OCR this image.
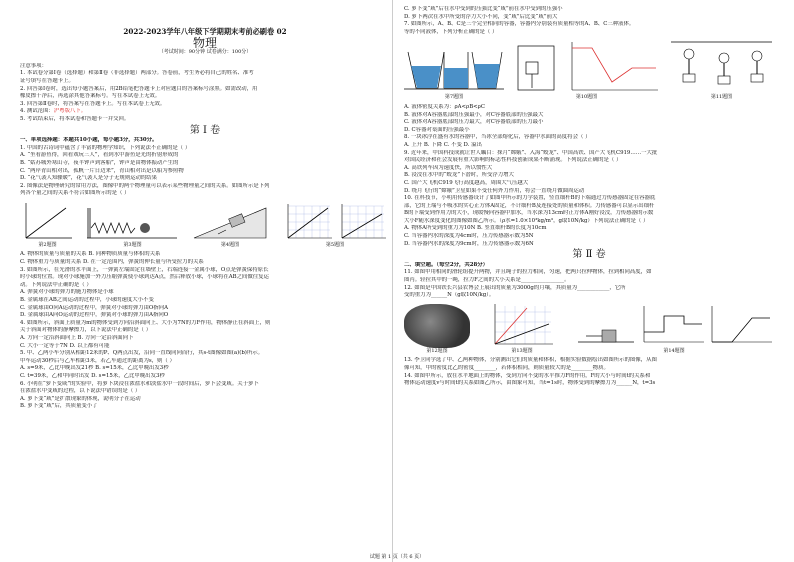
2022-2023学年八年级下学期期末考前必刷卷 02
物理
（考试时间：90分钟 试卷满分：100分）
注意事项：
1. 本试卷分第Ⅰ卷（选择题）和第Ⅱ卷（非选择题）两部分。答卷前，考生务必将自己的姓名、准考
证号填写在答题卡上。
2. 回答第Ⅰ卷时，选出每小题答案后，用2B铅笔把答题卡上对应题目的答案标号涂黑。如需改动，用
橡皮擦干净后，再选涂其他答案标号。写在本试卷上无效。
3. 回答第Ⅱ卷时，将答案写在答题卡上。写在本试卷上无效。
4. 测试范围：沪粤版八下。
5. 考试结束后，将本试卷和答题卡一并交回。
第 Ⅰ 卷
一、单项选择题：本题共10小题，每小题3分，共30分。
1. 中国的古诗词中蕴含了丰富的物理学知识，下列说法不正确的是（ ）
A. “坐看游鱼得，回看戏玩三人”，看到水中游鱼是光的折射形成的
B. “姑苏城外寒山寺，夜半钟声到客船”，钟声是由物体振动产生的
C. “两岸青山相对出，孤帆一片日边来”，青山相对出是以船为参照物
D. “花气袭人知骤暖”，花气袭人是分子无规则运动的结果
2. 图像法是物理研究的常用方法，图像中的两个物理量可以表示某些物理量之间的关系。如图所示是下列
列各个量之间的关系不符合如图所示的是（ ）
第2题图	第3题图	第4题图	第5题图
A. 物体的质量与质量的关系 B. 同种物质质量与体积的关系
C. 物体重力与质量的关系 D. 在一定范围内，弹簧的伸长量与所受拉力的关系
3. 如图所示，在光滑的水平面上，一弹簧左端固定在墙壁上，右端连接一金属小球，O点是弹簧保持原长
时小球的位置。现对小球施加一外力压缩弹簧使小球到达A点，然后释放小球，小球将在AB之间做往复运
动。下列说法中正确的是（ ）
A. 弹簧对小球的弹力的施力物体是小球
B. 金属球在AB之间运动的过程中，小球的速度大小不变
C. 金属球由O向A运动的过程中，弹簧对小球的弹力由O指向A
D. 金属球由A向O运动的过程中，弹簧对小球的弹力由A指向O
4. 如图所示，斜面上质量为m的物体受到方向沿斜面向上、大小为7N的力F作用，物体静止在斜面上，则
关于斜面对物体的静摩擦力，以下说法中正确的是（ ）
A. 方向一定沿斜面向上 B. 方向一定沿斜面向下
C. 大小一定等于7N D. 以上都有可能
5. 甲、乙两小车分别从相距12米的P、Q两点出发，沿同一直线同向而行，其s-t图像如图(a)(b)所示。
甲车运动30秒后与乙车相距3米，若乙车通过的距离为s，则（ ）
A. s=9米，乙比甲晚出发21秒 B. s=15米，乙比甲晚出发3秒
C. t=39米，乙和甲同时出发 D. s=15米，乙比甲晚出发3秒
6. 小明在“萝卜变咸”的实验中，将萝卜块浸在浓盐水和淡盐水中一段时间后，萝卜会变咸。关于萝卜
在浓盐水中变咸的过程，以下说法中错误的是（ ）
A. 萝卜变“咸”是扩散现象的体现，说明分子在运动
B. 萝卜变“咸”后，其质量变小了
C. 萝卜变“咸”后在水中受到的压强比变“咸”前在水中受到的压强小
D. 萝卜两次在水中所受的浮力大小不同，变“咸”后比变“咸”前大
7. 如图所示，A、B、C是三个完全相同的容器，容器内分别装有质量相等的A、B、C三种液体。
等的不同液体，下列分析正确的是（ ）
第7题图	第10题图	第11题图
A. 液体密度关系为：ρA<ρB<ρC
B. 液体对A容器底部的压强最小，对C容器底部的压强最大
C. 液体对A容器底部的压力最大，对C容器底部的压力最小
D. C容器对桌面的压强最小
8. 一块冰浮在盛有水的容器中，当冰全部熔化后，容器中水面的高度将会（ ）
A. 上升 B. 下降 C. 不变 D. 溢出
9. 近年来，中国科技成就让世人瞩目：探月“嫦娥”、入海“蛟龙”、中国高铁、国产大飞机C919……一大批
对国民经济和社会发展有重大影响的标志性科技创新成果不断涌现。下列说法正确的是（ ）
A. 高铁列车因为速度快，所以惯性大
B. 浸没在水中的“蛟龙”下潜时，所受浮力增大
C. 国产大飞机C919飞行高度越高，周围大气压越大
D. 绕月飞行的“嫦娥”卫星如果不受任何外力作用，将会一直绕月做圆周运动
10. 在科技节，小明用传感器设计了如图甲所示的力学装置，竖直细杆B的下端通过力传感器固定在容器底
部，它的上端与不吸水的实心正方体A固定，不计细杆B及连接处的质量和体积。力传感器可以显示出细杆
B的下端受到作用力的大小，现缓慢向容器中加水，当水深为13cm时正方体A刚好浸没，力传感器的示数
大小F随水深度变化的图像如图乙所示。（ρ水=1.0×10³kg/m³，g取10N/kg）下列说法正确的是（ ）
A. 物体A所受到的重力为10N B. 竖直细杆B的长度为10cm
C. 当容器内水的深度为4cm时，压力传感器示数为5N
D. 当容器内水的深度为9cm时，压力传感器示数为6N
第 Ⅱ 卷
二、填空题。（每空2分，共28分）
11. 如图甲用相同的滑轮组提升两物，并且绳子的拉力相同，匀速，把两只拉伸物体，拉到相同高度，如
图丙。轻拉其中的一绳，拉力F之间的大小关系是________________。
12. 如图是中国铁长兴县农博会上展出的质量为3000g的月壤，其质量为____________，它所
受的重力为______N（g取10N/kg）。
第12题图	第13题图	第14题图
13. 李卫同学选了甲、乙两种物体，分别测出它们的质量和体积，根据实验数据绘出如图所示的图像，从图
像可知，甲的密度比乙的密度________，若体积相同，则质量较大的是________物质。
14. 如图甲所示，放在水平地面上的物体，受到方向不变的水平推力F的作用，F的大小与时间t的关系和
物体运动速度v与时间t的关系如图乙所示，由图象可知，当t=1s时，物体受到的摩擦力为______N，t=3s
试题 第 1 页（共 6 页）
